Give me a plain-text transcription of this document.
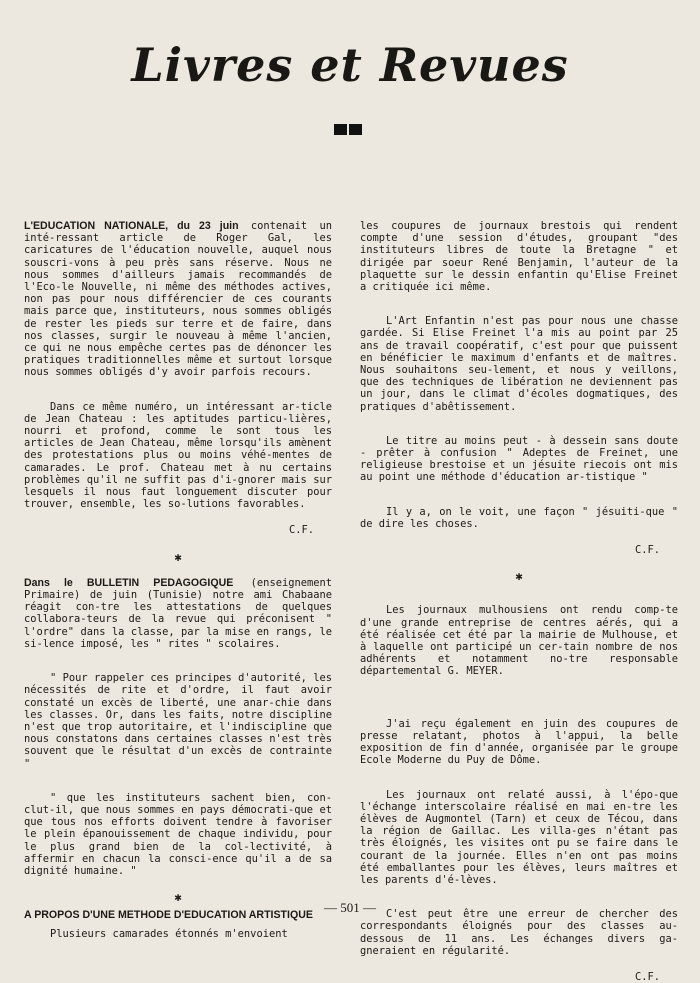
Livres et Revues

L'EDUCATION NATIONALE, du 23 juin contenait un inté-ressant article de Roger Gal, les caricatures de l'éducation nouvelle, auquel nous souscri-vons à peu près sans réserve. Nous ne nous sommes d'ailleurs jamais recommandés de l'Eco-le Nouvelle, ni même des méthodes actives, non pas pour nous différencier de ces courants mais parce que, instituteurs, nous sommes obligés de rester les pieds sur terre et de faire, dans nos classes, surgir le nouveau à même l'ancien, ce qui ne nous empêche certes pas de dénoncer les pratiques traditionnelles même et surtout lorsque nous sommes obligés d'y avoir parfois recours.

Dans ce même numéro, un intéressant ar-ticle de Jean Chateau : les aptitudes particu-lières, nourri et profond, comme le sont tous les articles de Jean Chateau, même lorsqu'ils amènent des protestations plus ou moins véhé-mentes de camarades. Le prof. Chateau met à nu certains problèmes qu'il ne suffit pas d'i-gnorer mais sur lesquels il nous faut longuement discuter pour trouver, ensemble, les so-lutions favorables.

C.F.

✱

Dans le BULLETIN PEDAGOGIQUE (enseignement Primaire) de juin (Tunisie) notre ami Chabaane réagit con-tre les attestations de quelques collabora-teurs de la revue qui préconisent " l'ordre" dans la classe, par la mise en rangs, le si-lence imposé, les " rites " scolaires.

" Pour rappeler ces principes d'autorité, les nécessités de rite et d'ordre, il faut avoir constaté un excès de liberté, une anar-chie dans les classes. Or, dans les faits, notre discipline n'est que trop autoritaire, et l'indiscipline que nous constatons dans certaines classes n'est très souvent que le résultat d'un excès de contrainte "

" que les instituteurs sachent bien, con-clut-il, que nous sommes en pays démocrati-que et que tous nos efforts doivent tendre à favoriser le plein épanouissement de chaque individu, pour le plus grand bien de la col-lectivité, à affermir en chacun la consci-ence qu'il a de sa dignité humaine. "

✱

A PROPOS D'UNE METHODE D'EDUCATION ARTISTIQUE

Plusieurs camarades étonnés m'envoient

les coupures de journaux brestois qui rendent compte d'une session d'études, groupant "des instituteurs libres de toute la Bretagne " et dirigée par soeur René Benjamin, l'auteur de la plaquette sur le dessin enfantin qu'Elise Freinet a critiquée ici même.

L'Art Enfantin n'est pas pour nous une chasse gardée. Si Elise Freinet l'a mis au point par 25 ans de travail coopératif, c'est pour que puissent en bénéficier le maximum d'enfants et de maîtres. Nous souhaitons seu-lement, et nous y veillons, que des techniques de libération ne deviennent pas un jour, dans le climat d'écoles dogmatiques, des pratiques d'abêtissement.

Le titre au moins peut - à dessein sans doute - prêter à confusion " Adeptes de Freinet, une religieuse brestoise et un jésuite riecois ont mis au point une méthode d'éducation ar-tistique "

Il y a, on le voit, une façon " jésuiti-que " de dire les choses.

C.F.

✱

Les journaux mulhousiens ont rendu comp-te d'une grande entreprise de centres aérés, qui a été réalisée cet été par la mairie de Mulhouse, et à laquelle ont participé un cer-tain nombre de nos adhérents et notamment no-tre responsable départemental G. MEYER.

J'ai reçu également en juin des coupures de presse relatant, photos à l'appui, la belle exposition de fin d'année, organisée par le groupe Ecole Moderne du Puy de Dôme.

Les journaux ont relaté aussi, à l'épo-que l'échange interscolaire réalisé en mai en-tre les élèves de Augmontel (Tarn) et ceux de Técou, dans la région de Gaillac. Les villa-ges n'étant pas très éloignés, les visites ont pu se faire dans le courant de la journée. Elles n'en ont pas moins été emballantes pour les élèves, leurs maîtres et les parents d'é-lèves.

C'est peut être une erreur de chercher des correspondants éloignés pour des classes au-dessous de 11 ans. Les échanges divers ga-gneraient en régularité.

C.F.

— 501 —
